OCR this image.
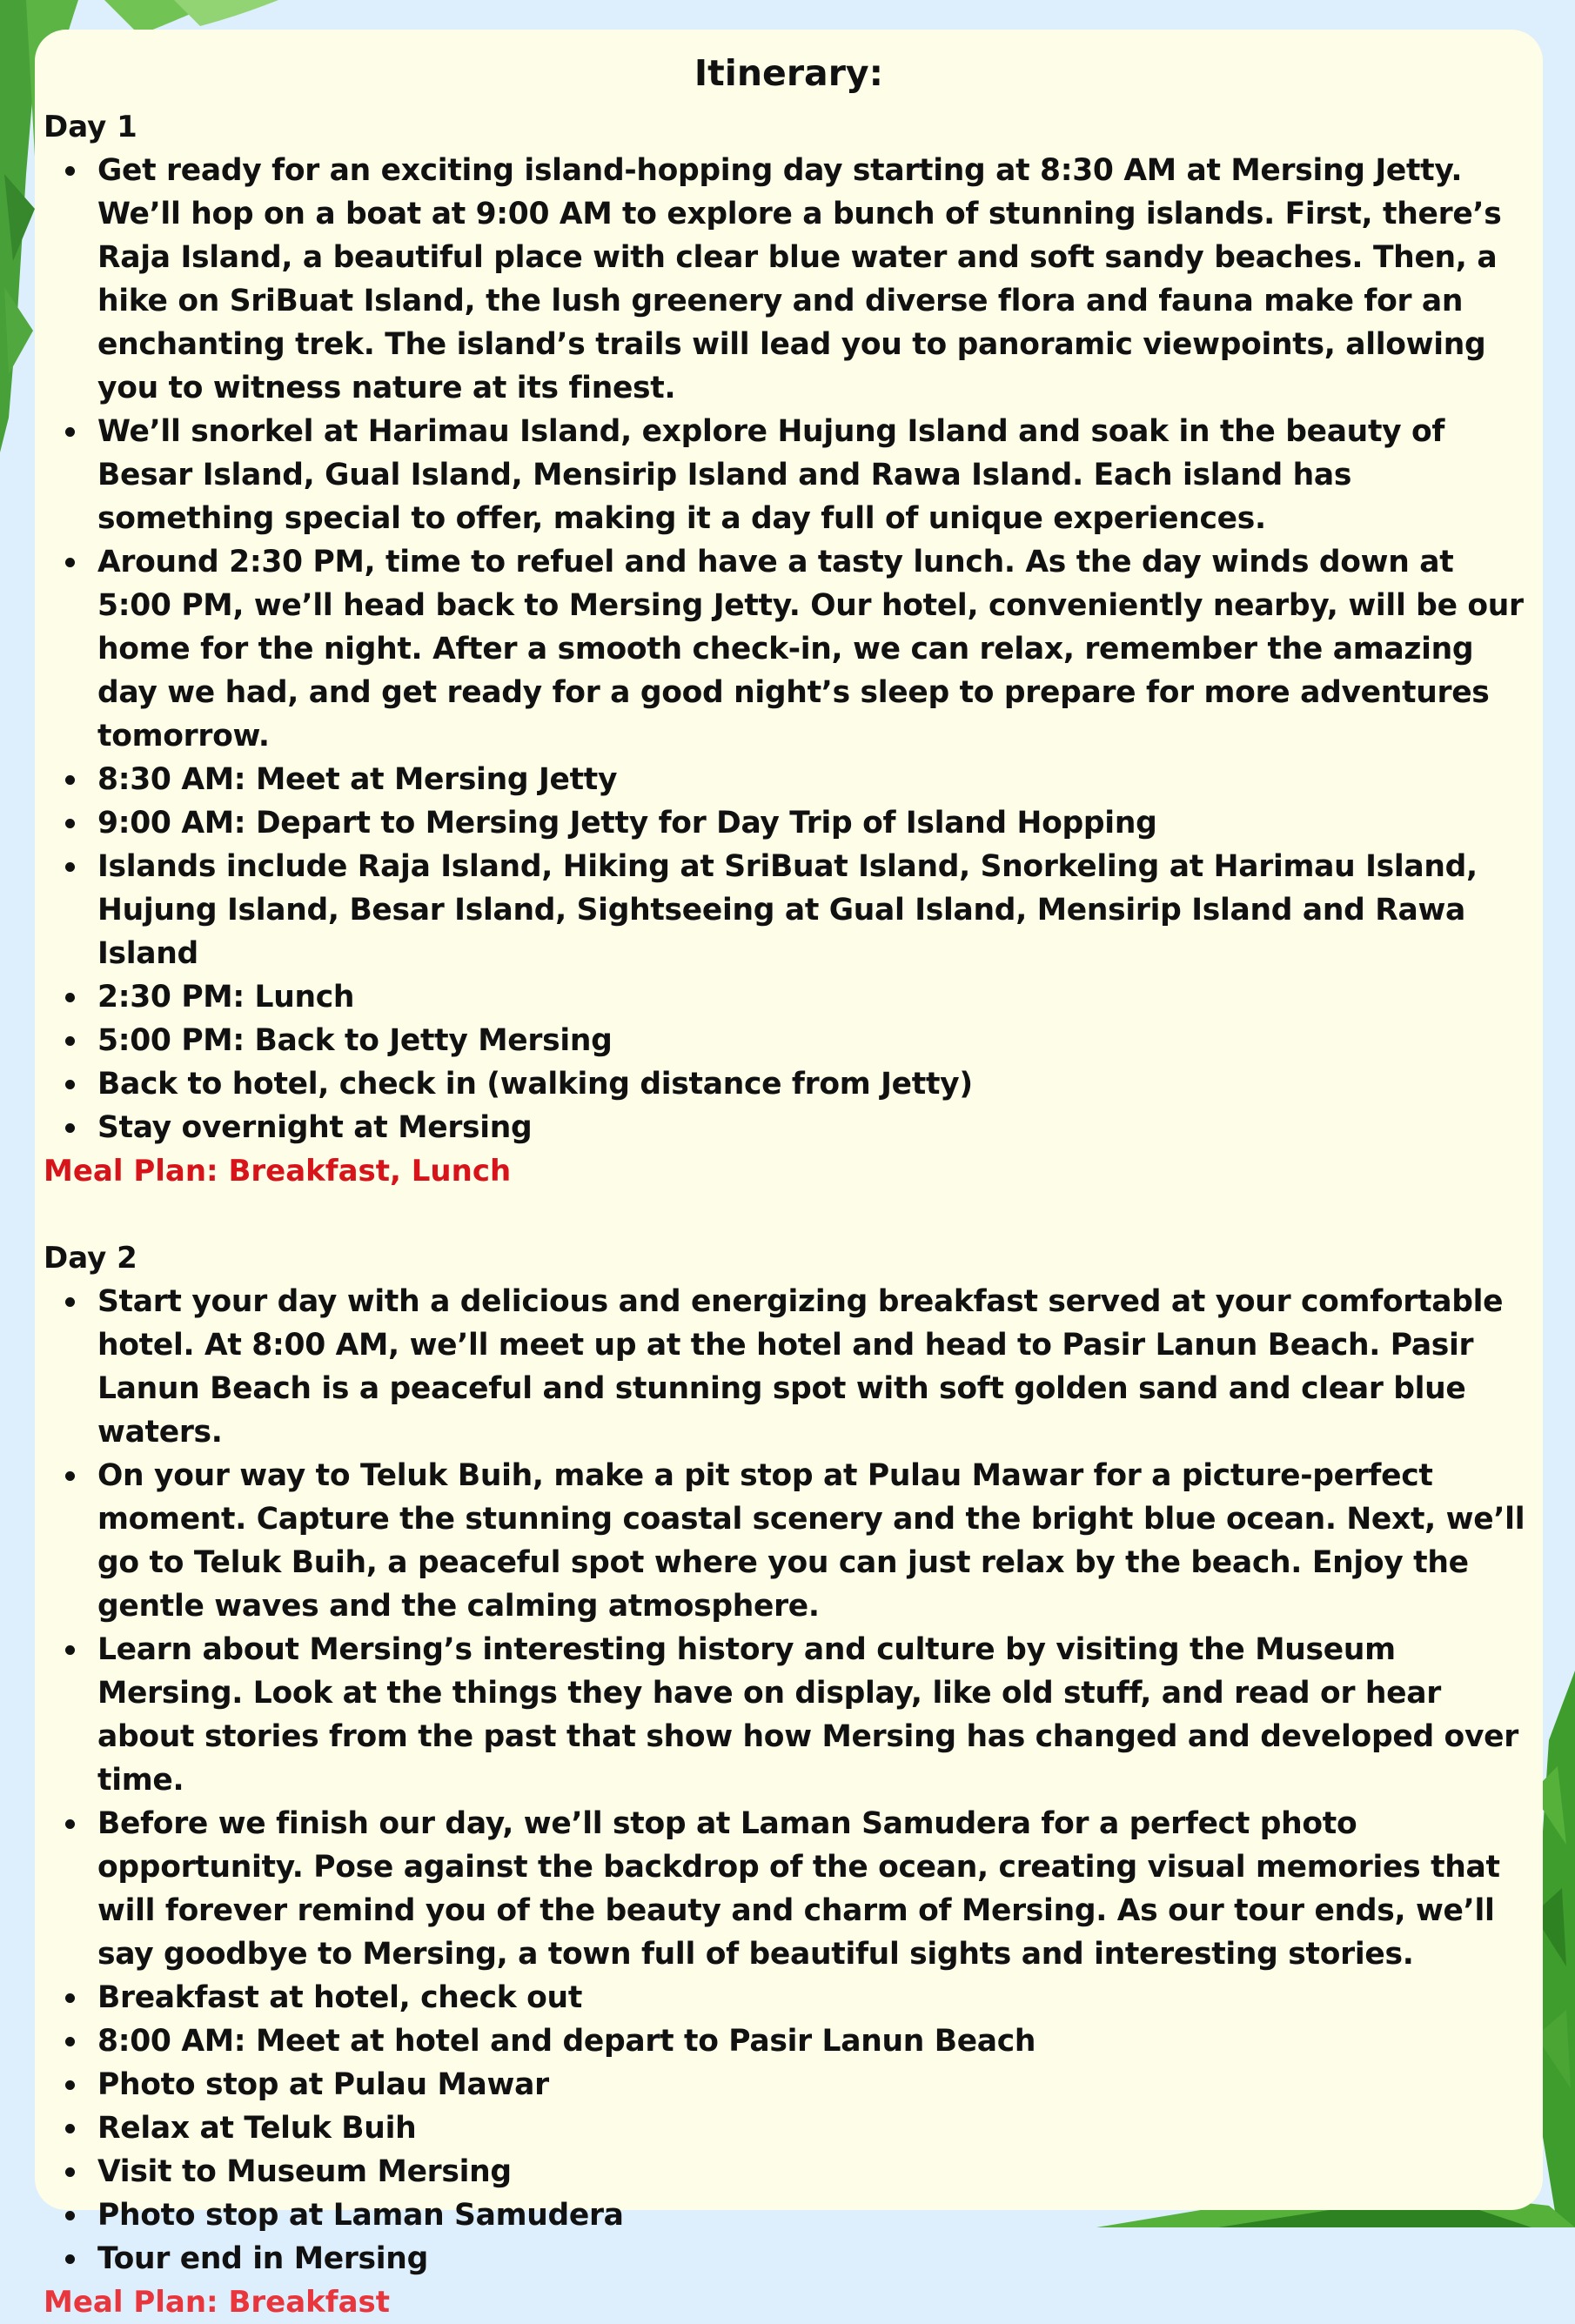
Itinerary:
Day 1
Get ready for an exciting island-hopping day starting at 8:30 AM at Mersing Jetty. We’ll hop on a boat at 9:00 AM to explore a bunch of stunning islands. First, there’s Raja Island, a beautiful place with clear blue water and soft sandy beaches. Then, a hike on SriBuat Island, the lush greenery and diverse flora and fauna make for an enchanting trek. The island’s trails will lead you to panoramic viewpoints, allowing you to witness nature at its finest.
We’ll snorkel at Harimau Island, explore Hujung Island and soak in the beauty of Besar Island, Gual Island, Mensirip Island and Rawa Island. Each island has something special to offer, making it a day full of unique experiences.
Around 2:30 PM, time to refuel and have a tasty lunch. As the day winds down at 5:00 PM, we’ll head back to Mersing Jetty. Our hotel, conveniently nearby, will be our home for the night. After a smooth check-in, we can relax, remember the amazing day we had, and get ready for a good night’s sleep to prepare for more adventures tomorrow.
8:30 AM: Meet at Mersing Jetty
9:00 AM: Depart to Mersing Jetty for Day Trip of Island Hopping
Islands include Raja Island, Hiking at SriBuat Island, Snorkeling at Harimau Island, Hujung Island, Besar Island, Sightseeing at Gual Island, Mensirip Island and Rawa Island
2:30 PM: Lunch
5:00 PM: Back to Jetty Mersing
Back to hotel, check in (walking distance from Jetty)
Stay overnight at Mersing

Meal Plan: Breakfast, Lunch

Day 2
Start your day with a delicious and energizing breakfast served at your comfortable hotel. At 8:00 AM, we’ll meet up at the hotel and head to Pasir Lanun Beach. Pasir Lanun Beach is a peaceful and stunning spot with soft golden sand and clear blue waters.
On your way to Teluk Buih, make a pit stop at Pulau Mawar for a picture-perfect moment. Capture the stunning coastal scenery and the bright blue ocean. Next, we’ll go to Teluk Buih, a peaceful spot where you can just relax by the beach. Enjoy the gentle waves and the calming atmosphere.
Learn about Mersing’s interesting history and culture by visiting the Museum Mersing. Look at the things they have on display, like old stuff, and read or hear about stories from the past that show how Mersing has changed and developed over time.
Before we finish our day, we’ll stop at Laman Samudera for a perfect photo opportunity. Pose against the backdrop of the ocean, creating visual memories that will forever remind you of the beauty and charm of Mersing. As our tour ends, we’ll say goodbye to Mersing, a town full of beautiful sights and interesting stories.
Breakfast at hotel, check out
8:00 AM: Meet at hotel and depart to Pasir Lanun Beach
Photo stop at Pulau Mawar
Relax at Teluk Buih
Visit to Museum Mersing
Photo stop at Laman Samudera
Tour end in Mersing

Meal Plan: Breakfast
